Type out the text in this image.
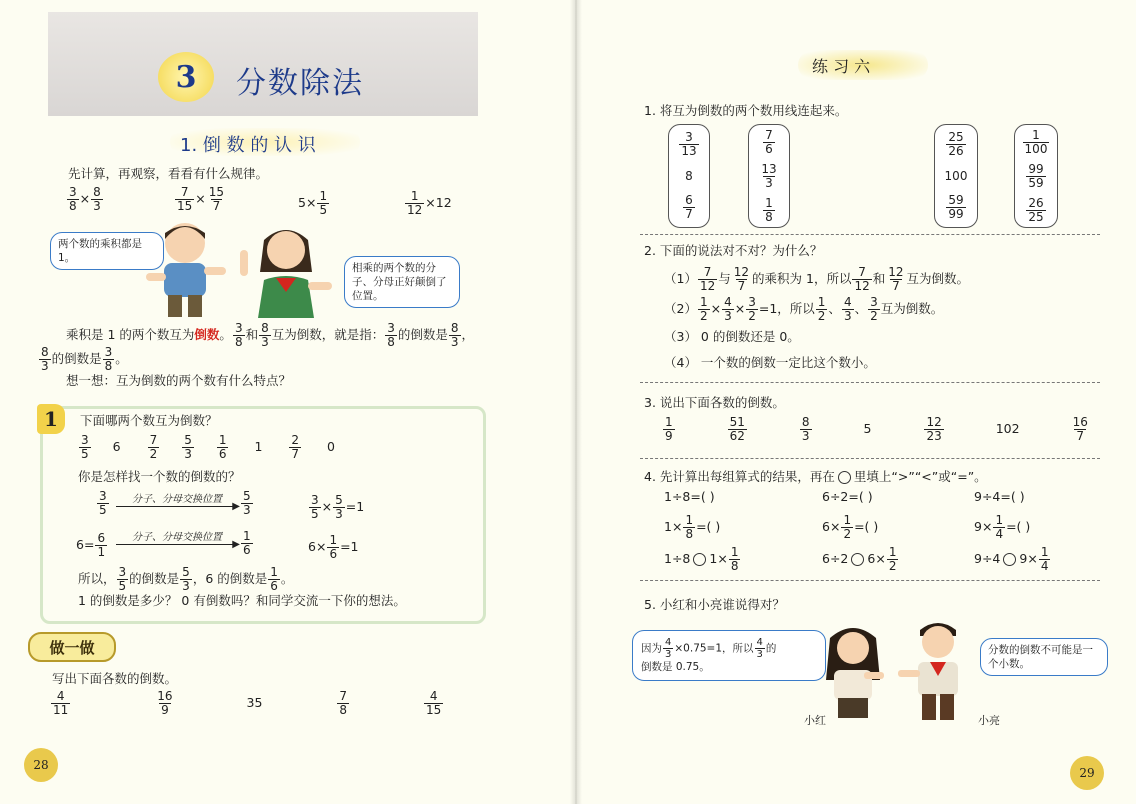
3 分数除法
1. 倒 数 的 认 识
先计算，再观察，看看有什么规律。
$\frac{3}{8} \times \frac{8}{3}$	$\frac{7}{15} \times \frac{15}{7}$	$5\times \frac{1}{5}$	$\frac{1}{12} \times 12$
两个数的乘积都是 1。
相乘的两个数的分子、分母正好颠倒了位置。
乘积是 1 的两个数互为倒数。 $\frac{3}{8}$ 和 $\frac{8}{3}$ 互为倒数，就是指： $\frac{3}{8}$ 的倒数是 $\frac{8}{3}$ ，
$\frac{8}{3}$ 的倒数是 $\frac{3}{8}$ 。
想一想：互为倒数的两个数有什么特点？
1 下面哪两个数互为倒数？
$\frac{3}{5} 6 \frac{7}{2}$
$\frac{5}{3}$
$\frac{1}{6} 1 \frac{2}{7} 0$
你是怎样找一个数的倒数的？
$\frac{3}{5}$	分子、分母交换位置
▶ $\frac{5}{3}$	$\frac{3}{5} \times \frac{5}{3} =1$
$6= \frac{6}{1}$	分子、分母交换位置
▶ $\frac{1}{6}$	$6\times \frac{1}{6} =1$
所以， $\frac{3}{5}$ 的倒数是 $\frac{5}{3}$ ，6 的倒数是 $\frac{1}{6}$ 。
1 的倒数是多少？ 0 有倒数吗？和同学交流一下你的想法。
做一做
写出下面各数的倒数。
$\frac{4}{11}$
	$\frac{16}{9}$	35	$\frac{7}{8}$
	$\frac{4}{15}$
28
练 习 六
1. 将互为倒数的两个数用线连起来。
$\frac{3}{13}$
8
$\frac{6}{7}$
$\frac{7}{6}$
$\frac{13}{3}$
$\frac{1}{8}$
$\frac{25}{26}$
100
$\frac{59}{99}$
$\frac{1}{100}$
$\frac{99}{59}$
$\frac{26}{25}$
2. 下面的说法对不对？为什么？
$(1) \frac{7}{12}$ 与 $\frac{12}{7}$ 的乘积为 1，所以 $\frac{7}{12}$ 和 $\frac{12}{7}$ 互为倒数。
$(2) \frac{1}{2} \times \frac{4}{3} \times \frac{3}{2} =1$，所以 $\frac{1}{2}$ 、 $\frac{4}{3}$ 、 $\frac{3}{2}$ 互为倒数。
（3） 0 的倒数还是 0。
（4） 一个数的倒数一定比这个数小。
3. 说出下面各数的倒数。
$\frac{1}{9}$
	$\frac{51}{62}$
	$\frac{8}{3}$	5	$\frac{12}{23}$	102	$\frac{16}{7}$
4. 先计算出每组算式的结果，再在 里填上“>”“<”或“=”。
1÷8=( )	6÷2=( )	9÷4=( )
$1\times \frac{1}{8}$ =( )	$6\times \frac{1}{2}$ =( )	$9\times \frac{1}{4}$ =( )
1÷8 $1\times \frac{1}{8}$	6÷2 $6\times \frac{1}{2}$	9÷4 $9\times \frac{1}{4}$
5. 小红和小亮谁说得对？
因为 $\frac{4}{3} \times 0.75=1$，所以 $\frac{4}{3}$ 的
倒数是 0.75。
小红	小亮
分数的倒数不可能是一个小数。
29
